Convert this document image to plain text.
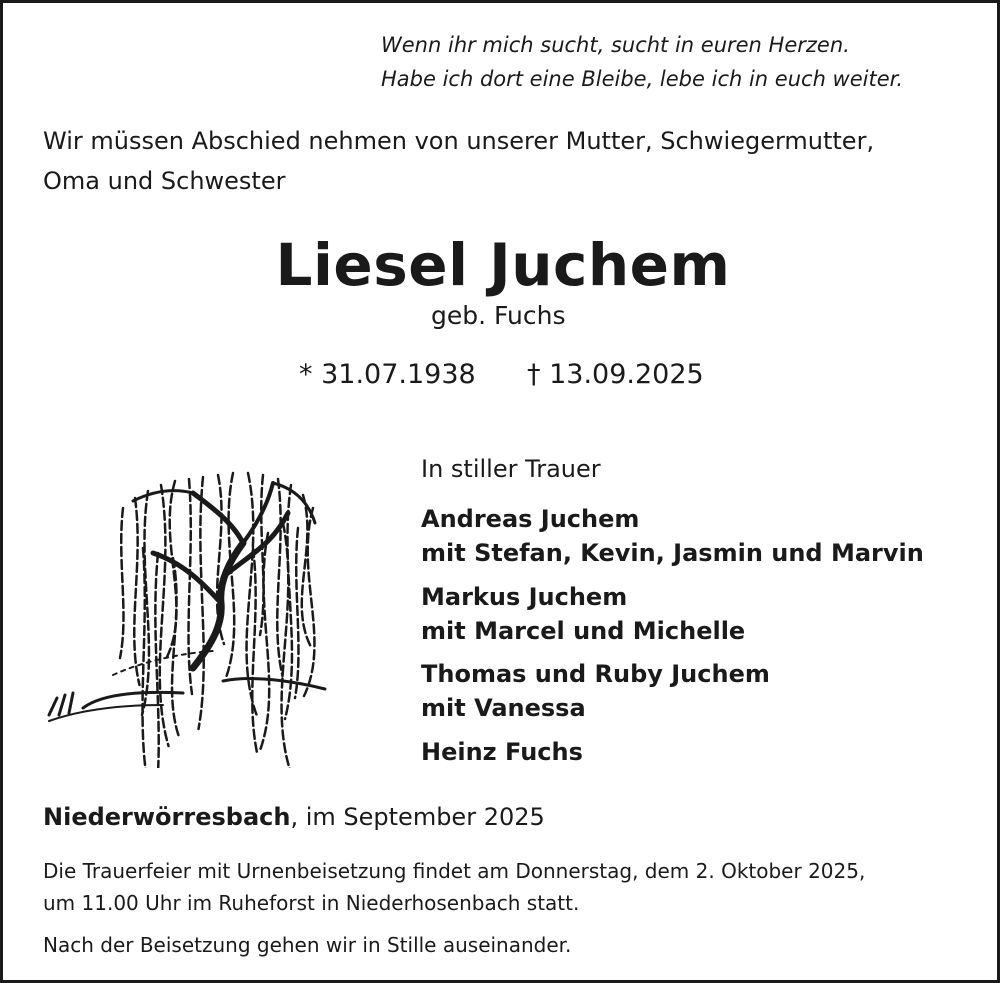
Wenn ihr mich sucht, sucht in euren Herzen.
Habe ich dort eine Bleibe, lebe ich in euch weiter.
Wir müssen Abschied nehmen von unserer Mutter, Schwiegermutter,
Oma und Schwester
Liesel Juchem
geb. Fuchs
* 31.07.1938 † 13.09.2025
In stiller Trauer
Andreas Juchem
mit Stefan, Kevin, Jasmin und Marvin
Markus Juchem
mit Marcel und Michelle
Thomas und Ruby Juchem
mit Vanessa
Heinz Fuchs
Niederwörresbach, im September 2025
Die Trauerfeier mit Urnenbeisetzung findet am Donnerstag, dem 2. Oktober 2025,
um 11.00 Uhr im Ruheforst in Niederhosenbach statt.
Nach der Beisetzung gehen wir in Stille auseinander.
